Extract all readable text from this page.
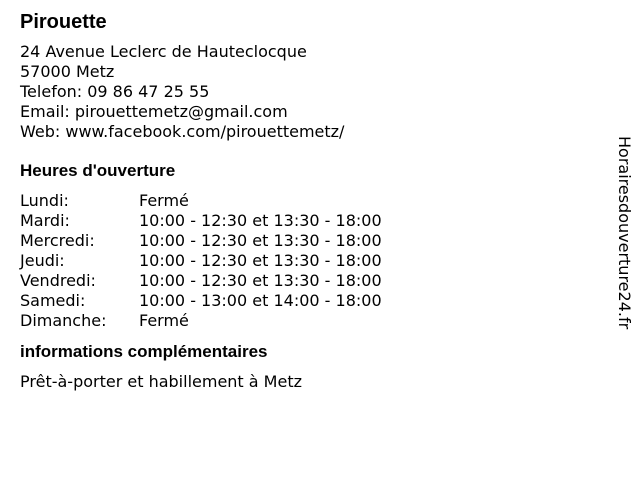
Pirouette
24 Avenue Leclerc de Hauteclocque
57000 Metz
Telefon: 09 86 47 25 55
Email: pirouettemetz@gmail.com
Web: www.facebook.com/pirouettemetz/
Heures d'ouverture
Lundi:	Fermé
Mardi:	10:00 - 12:30 et 13:30 - 18:00
Mercredi:	10:00 - 12:30 et 13:30 - 18:00
Jeudi:	10:00 - 12:30 et 13:30 - 18:00
Vendredi:	10:00 - 12:30 et 13:30 - 18:00
Samedi:	10:00 - 13:00 et 14:00 - 18:00
Dimanche:	Fermé
informations complémentaires
Prêt-à-porter et habillement à Metz
Horairesdouverture24.fr
